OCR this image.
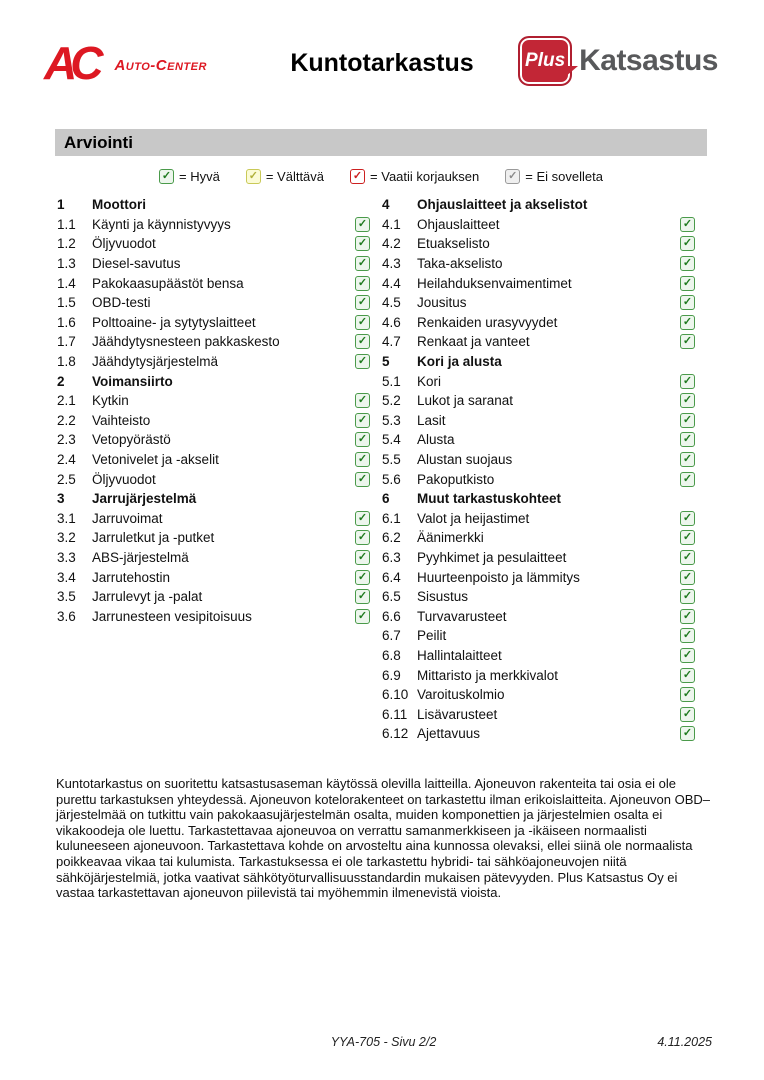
AC	Auto-Center	Kuntotarkastus	Plus Katsastus
Arviointi
✓ = Hyvä	✓ = Välttävä	✓ = Vaatii korjauksen	✓ = Ei sovelleta
1	Moottori
1.1	Käynti ja käynnistyvyys	✓
1.2	Öljyvuodot	✓
1.3	Diesel-savutus	✓
1.4	Pakokaasupäästöt bensa	✓
1.5	OBD-testi	✓
1.6	Polttoaine- ja sytytyslaitteet	✓
1.7	Jäähdytysnesteen pakkaskesto	✓
1.8	Jäähdytysjärjestelmä	✓
2	Voimansiirto
2.1	Kytkin	✓
2.2	Vaihteisto	✓
2.3	Vetopyörästö	✓
2.4	Vetonivelet ja -akselit	✓
2.5	Öljyvuodot	✓
3	Jarrujärjestelmä
3.1	Jarruvoimat	✓
3.2	Jarruletkut ja -putket	✓
3.3	ABS-järjestelmä	✓
3.4	Jarrutehostin	✓
3.5	Jarrulevyt ja -palat	✓
3.6	Jarrunesteen vesipitoisuus	✓
4	Ohjauslaitteet ja akselistot
4.1	Ohjauslaitteet	✓
4.2	Etuakselisto	✓
4.3	Taka-akselisto	✓
4.4	Heilahduksenvaimentimet	✓
4.5	Jousitus	✓
4.6	Renkaiden urasyvyydet	✓
4.7	Renkaat ja vanteet	✓
5	Kori ja alusta
5.1	Kori	✓
5.2	Lukot ja saranat	✓
5.3	Lasit	✓
5.4	Alusta	✓
5.5	Alustan suojaus	✓
5.6	Pakoputkisto	✓
6	Muut tarkastuskohteet
6.1	Valot ja heijastimet	✓
6.2	Äänimerkki	✓
6.3	Pyyhkimet ja pesulaitteet	✓
6.4	Huurteenpoisto ja lämmitys	✓
6.5	Sisustus	✓
6.6	Turvavarusteet	✓
6.7	Peilit	✓
6.8	Hallintalaitteet	✓
6.9	Mittaristo ja merkkivalot	✓
6.10 Varoituskolmio	✓
6.11 Lisävarusteet	✓
6.12 Ajettavuus	✓

Kuntotarkastus on suoritettu katsastusaseman käytössä olevilla laitteilla. Ajoneuvon rakenteita tai osia ei ole purettu tarkastuksen yhteydessä. Ajoneuvon kotelorakenteet on tarkastettu ilman erikoislaitteita. Ajoneuvon OBD–järjestelmää on tutkittu vain pakokaasujärjestelmän osalta, muiden komponettien ja järjestelmien osalta ei vikakoodeja ole luettu. Tarkastettavaa ajoneuvoa on verrattu samanmerkkiseen ja -ikäiseen normaalisti kuluneeseen ajoneuvoon. Tarkastettava kohde on arvosteltu aina kunnossa olevaksi, ellei siinä ole normaalista poikkeavaa vikaa tai kulumista. Tarkastuksessa ei ole tarkastettu hybridi- tai sähköajoneuvojen niitä sähköjärjestelmiä, jotka vaativat sähkötyöturvallisuusstandardin mukaisen pätevyyden. Plus Katsastus Oy ei vastaa tarkastettavan ajoneuvon piilevistä tai myöhemmin ilmenevistä vioista.

YYA-705 - Sivu 2/2	4.11.2025
